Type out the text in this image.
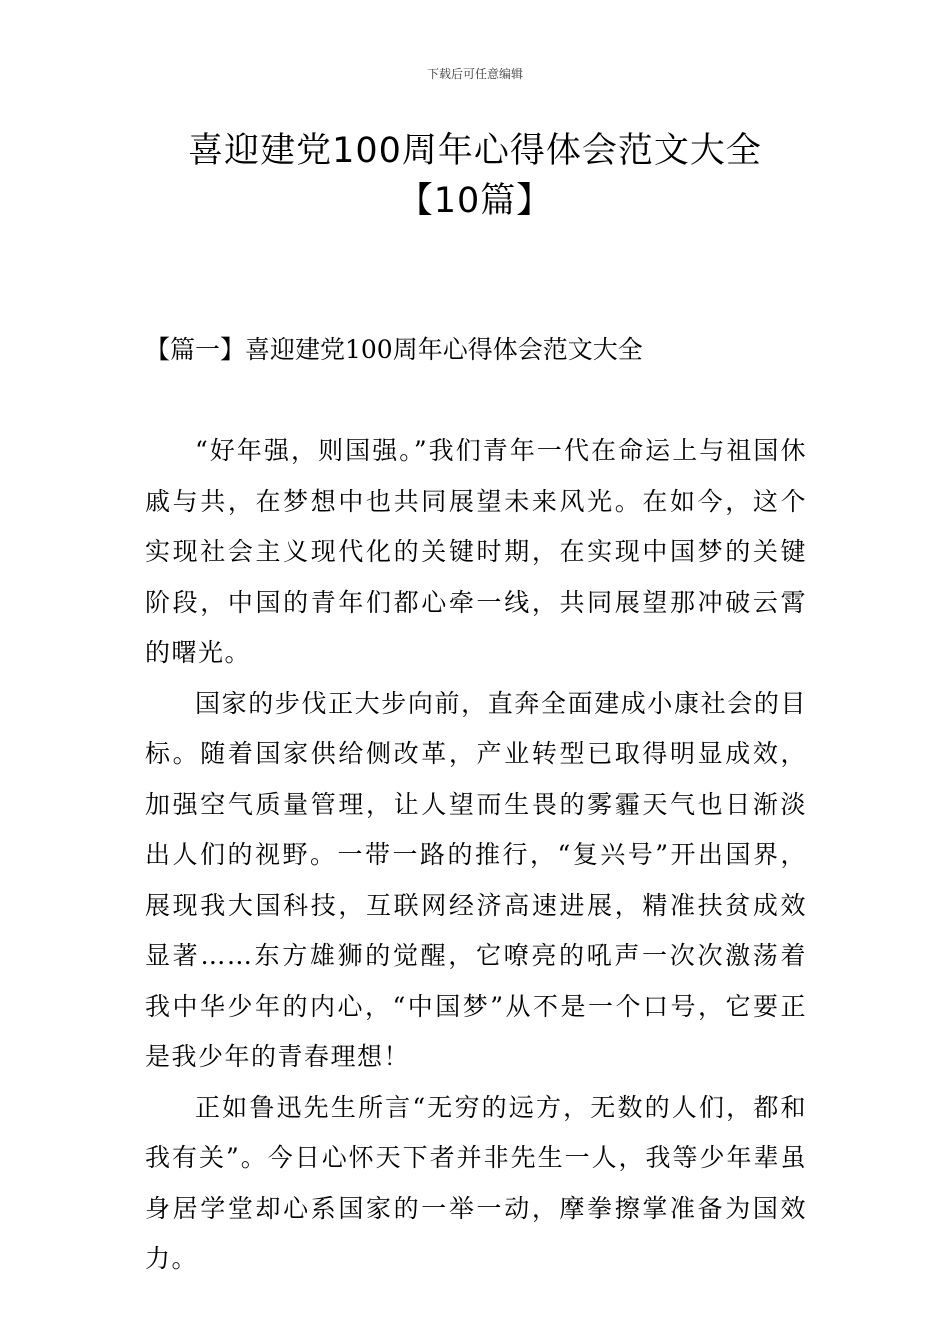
下载后可任意编辑
喜迎建党100周年心得体会范文大全【10篇】
【篇一】喜迎建党100周年心得体会范文大全

“好年强，则国强。”我们青年一代在命运上与祖国休戚与共，在梦想中也共同展望未来风光。在如今，这个实现社会主义现代化的关键时期，在实现中国梦的关键阶段，中国的青年们都心牵一线，共同展望那冲破云霄的曙光。

国家的步伐正大步向前，直奔全面建成小康社会的目标。随着国家供给侧改革，产业转型已取得明显成效，加强空气质量管理，让人望而生畏的雾霾天气也日渐淡出人们的视野。一带一路的推行，“复兴号”开出国界，展现我大国科技，互联网经济高速进展，精准扶贫成效显著……东方雄狮的觉醒，它嘹亮的吼声一次次激荡着我中华少年的内心，“中国梦”从不是一个口号，它要正是我少年的青春理想！

正如鲁迅先生所言“无穷的远方，无数的人们，都和我有关”。今日心怀天下者并非先生一人，我等少年辈虽身居学堂却心系国家的一举一动，摩拳擦掌准备为国效力。
